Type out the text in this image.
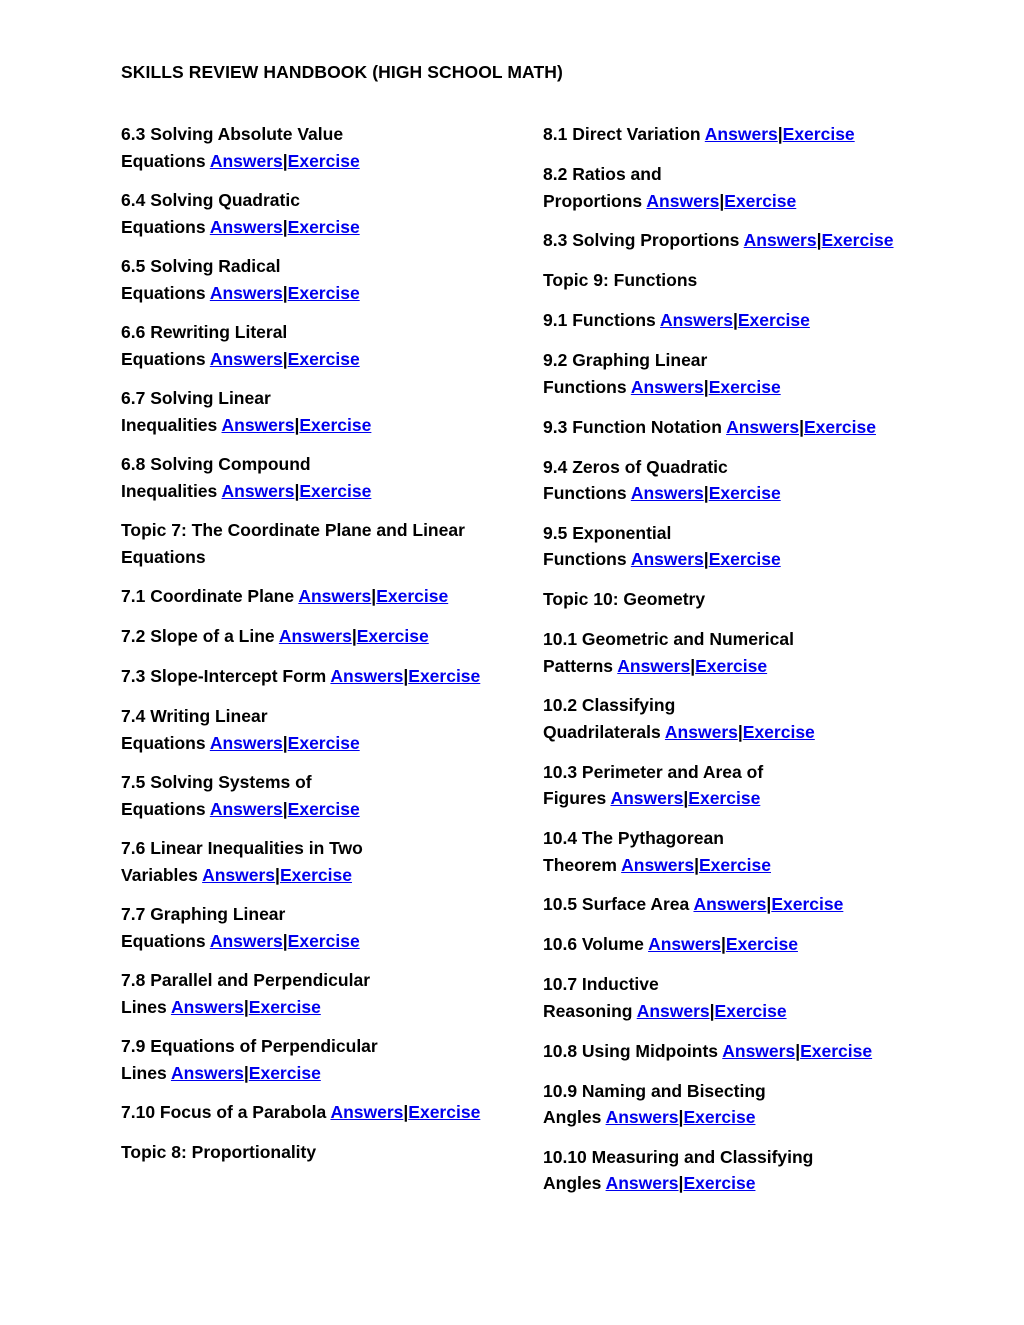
SKILLS REVIEW HANDBOOK (HIGH SCHOOL MATH)
6.3 Solving Absolute Value
Equations Answers|Exercise
6.4 Solving Quadratic
Equations Answers|Exercise
6.5 Solving Radical
Equations Answers|Exercise
6.6 Rewriting Literal
Equations Answers|Exercise
6.7 Solving Linear
Inequalities Answers|Exercise
6.8 Solving Compound
Inequalities Answers|Exercise
Topic 7: The Coordinate Plane and Linear
Equations
7.1 Coordinate Plane Answers|Exercise
7.2 Slope of a Line Answers|Exercise
7.3 Slope-Intercept Form Answers|Exercise
7.4 Writing Linear
Equations Answers|Exercise
7.5 Solving Systems of
Equations Answers|Exercise
7.6 Linear Inequalities in Two
Variables Answers|Exercise
7.7 Graphing Linear
Equations Answers|Exercise
7.8 Parallel and Perpendicular
Lines Answers|Exercise
7.9 Equations of Perpendicular
Lines Answers|Exercise
7.10 Focus of a Parabola Answers|Exercise
Topic 8: Proportionality
8.1 Direct Variation Answers|Exercise
8.2 Ratios and
Proportions Answers|Exercise
8.3 Solving Proportions Answers|Exercise
Topic 9: Functions
9.1 Functions Answers|Exercise
9.2 Graphing Linear
Functions Answers|Exercise
9.3 Function Notation Answers|Exercise
9.4 Zeros of Quadratic
Functions Answers|Exercise
9.5 Exponential
Functions Answers|Exercise
Topic 10: Geometry
10.1 Geometric and Numerical
Patterns Answers|Exercise
10.2 Classifying
Quadrilaterals Answers|Exercise
10.3 Perimeter and Area of
Figures Answers|Exercise
10.4 The Pythagorean
Theorem Answers|Exercise
10.5 Surface Area Answers|Exercise
10.6 Volume Answers|Exercise
10.7 Inductive
Reasoning Answers|Exercise
10.8 Using Midpoints Answers|Exercise
10.9 Naming and Bisecting
Angles Answers|Exercise
10.10 Measuring and Classifying
Angles Answers|Exercise
